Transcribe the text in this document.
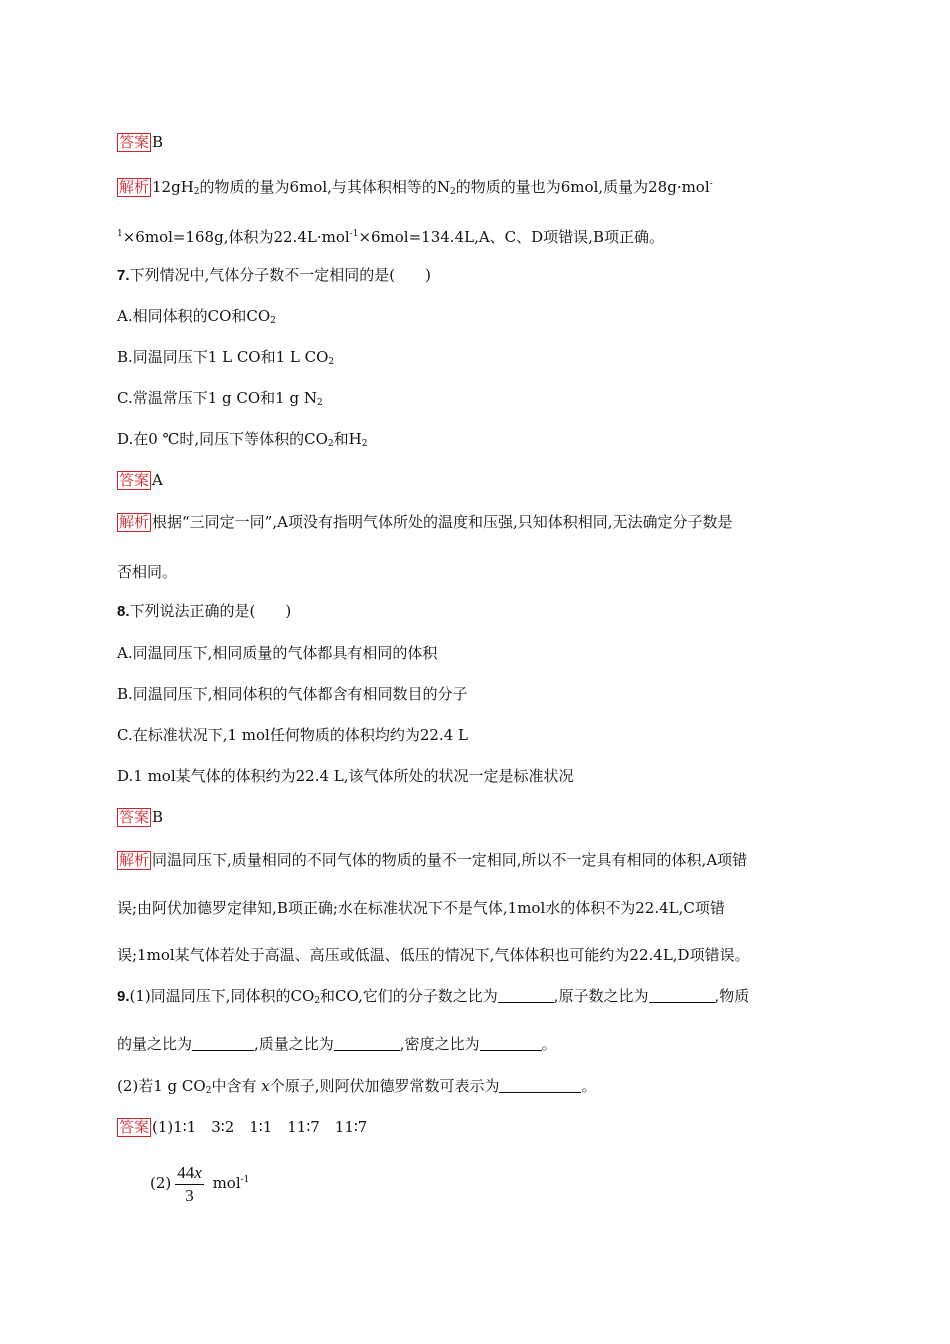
答案 B
解析 $12gH_2$的物质的量为6mol,与其体积相等的$N_2$的物质的量也为6mol,质量为28g·mol-
$^1$×6mol=168g,体积为22.4L·mol$^{-1}$×6mol=134.4L,A、C、D项错误,B项正确。
7.下列情况中,气体分子数不一定相同的是(　　)
A.相同体积的CO和$CO_2$
B.同温同压下1 L CO和1 L $CO_2$
C.常温常压下1 g CO和1 g $N_2$
D.在0 ℃时,同压下等体积的$CO_2$和$H_2$
答案 A
解析 根据“三同定一同”,A项没有指明气体所处的温度和压强,只知体积相同,无法确定分子数是
否相同。
8.下列说法正确的是(　　)
A.同温同压下,相同质量的气体都具有相同的体积
B.同温同压下,相同体积的气体都含有相同数目的分子
C.在标准状况下,1 mol任何物质的体积均约为22.4 L
D.1 mol某气体的体积约为22.4 L,该气体所处的状况一定是标准状况
答案 B
解析 同温同压下,质量相同的不同气体的物质的量不一定相同,所以不一定具有相同的体积,A项错
误;由阿伏加德罗定律知,B项正确;水在标准状况下不是气体,1mol水的体积不为22.4L,C项错
误;1mol某气体若处于高温、高压或低温、低压的情况下,气体体积也可能约为22.4L,D项错误。
9.(1)同温同压下,同体积的$CO_2$和CO,它们的分子数之比为	,原子数之比为	,物质
的量之比为	,质量之比为	,密度之比为	。
(2)若1 g $CO_2$中含有 x个原子,则阿伏加德罗常数可表示为	。
答案 (1)1∶1　3∶2　1∶1　11∶7　11∶7
$(2) \frac{44x}{3} mol^{-1}$
